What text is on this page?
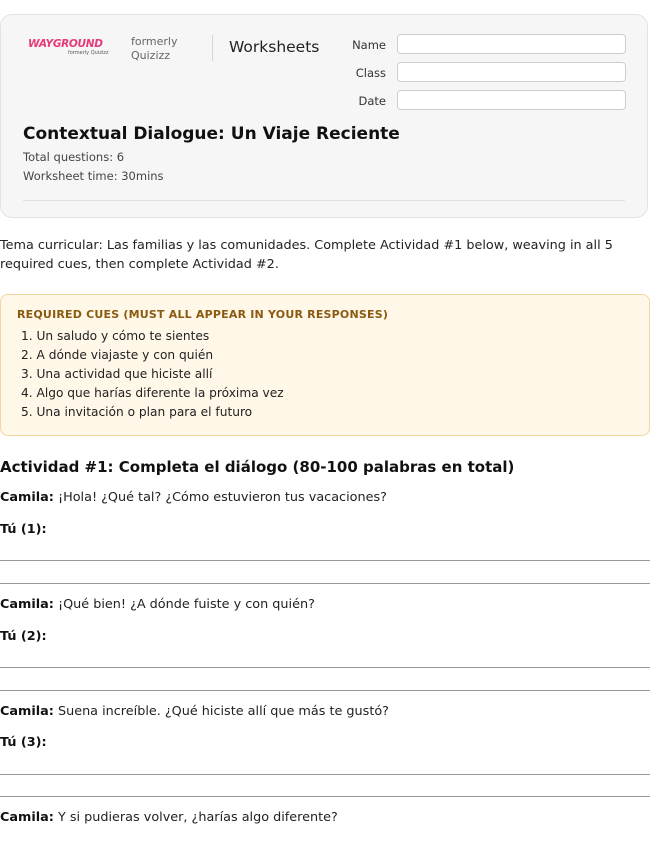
WAYGROUND
formerly Quizizz
formerly
Quizizz	Worksheets	Name
Class
Date
Contextual Dialogue: Un Viaje Reciente
Total questions: 6
Worksheet time: 30mins
Tema curricular: Las familias y las comunidades. Complete Actividad #1 below, weaving in all 5 required cues, then complete Actividad #2.
REQUIRED CUES (MUST ALL APPEAR IN YOUR RESPONSES)
1. Un saludo y cómo te sientes
2. A dónde viajaste y con quién
3. Una actividad que hiciste allí
4. Algo que harías diferente la próxima vez
5. Una invitación o plan para el futuro
Actividad #1: Completa el diálogo (80-100 palabras en total)
Camila: ¡Hola! ¿Qué tal? ¿Cómo estuvieron tus vacaciones?
Tú (1):
Camila: ¡Qué bien! ¿A dónde fuiste y con quién?
Tú (2):
Camila: Suena increíble. ¿Qué hiciste allí que más te gustó?
Tú (3):
Camila: Y si pudieras volver, ¿harías algo diferente?
